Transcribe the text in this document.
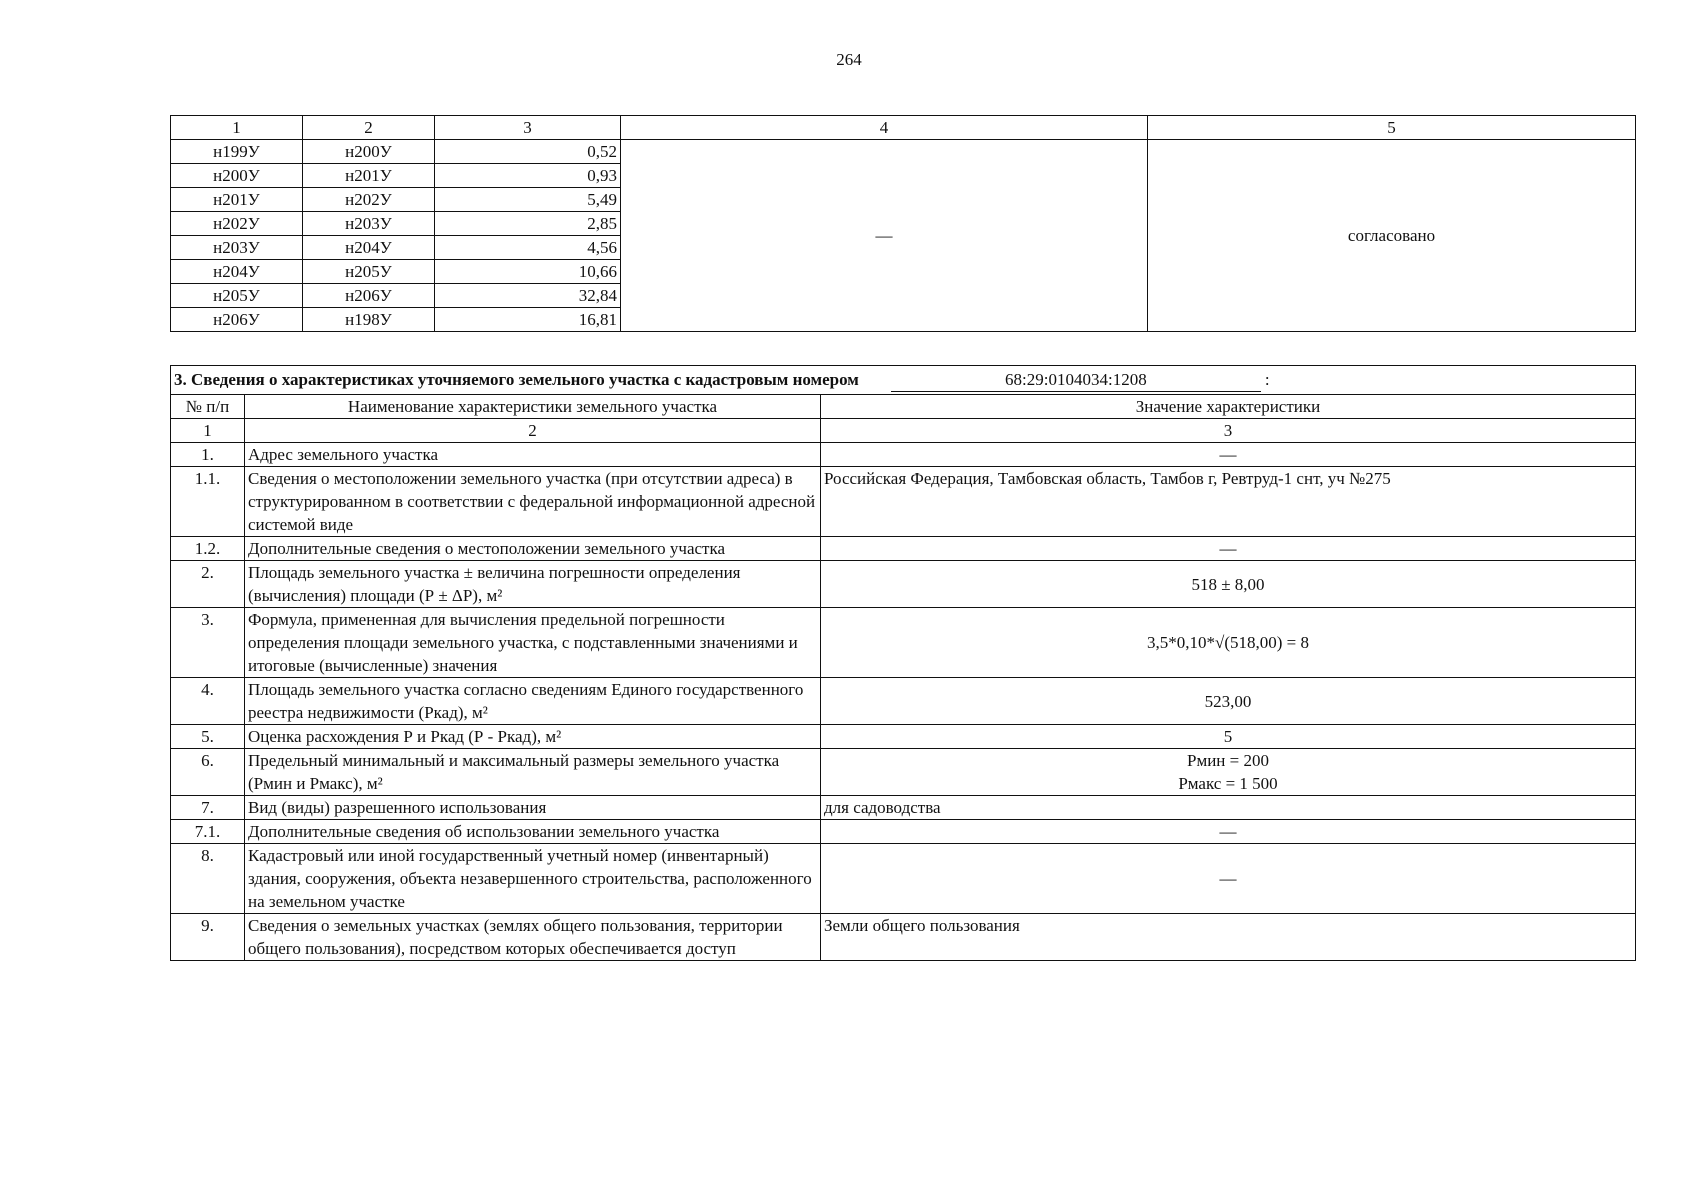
264
1	2	3	4	5
н199У	н200У	0,52	—	согласовано
н200У	н201У	0,93		
н201У	н202У	5,49		
н202У	н203У	2,85		
н203У	н204У	4,56		
н204У	н205У	10,66		
н205У	н206У	32,84		
н206У	н198У	16,81		
3. Сведения о характеристиках уточняемого земельного участка с кадастровым номером 68:29:0104034:1208 :		
№ п/п	Наименование характеристики земельного участка	Значение характеристики
1	2	3
1.	Адрес земельного участка	—
1.1.	Сведения о местоположении земельного участка (при отсутствии адреса) в структурированном в соответствии с федеральной информационной адресной системой виде	Российская Федерация, Тамбовская область, Тамбов г, Ревтруд-1 снт, уч №275
1.2.	Дополнительные сведения о местоположении земельного участка	—
2.	Площадь земельного участка ± величина погрешности определения (вычисления) площади (Р ± ΔР), м²	518 ± 8,00
3.	Формула, примененная для вычисления предельной погрешности определения площади земельного участка, с подставленными значениями и итоговые (вычисленные) значения	3,5*0,10*√(518,00) = 8
4.	Площадь земельного участка согласно сведениям Единого государственного реестра недвижимости (Ркад), м²	523,00
5.	Оценка расхождения Р и Ркад (Р - Ркад), м²	5
6.	Предельный минимальный и максимальный размеры земельного участка (Рмин и Рмакс), м²	Рмин = 200
Рмакс = 1 500

7.	Вид (виды) разрешенного использования	для садоводства
7.1.	Дополнительные сведения об использовании земельного участка	—
8.	Кадастровый или иной государственный учетный номер (инвентарный) здания, сооружения, объекта незавершенного строительства, расположенного на земельном участке	—
9.	Сведения о земельных участках (землях общего пользования, территории общего пользования), посредством которых обеспечивается доступ	Земли общего пользования
